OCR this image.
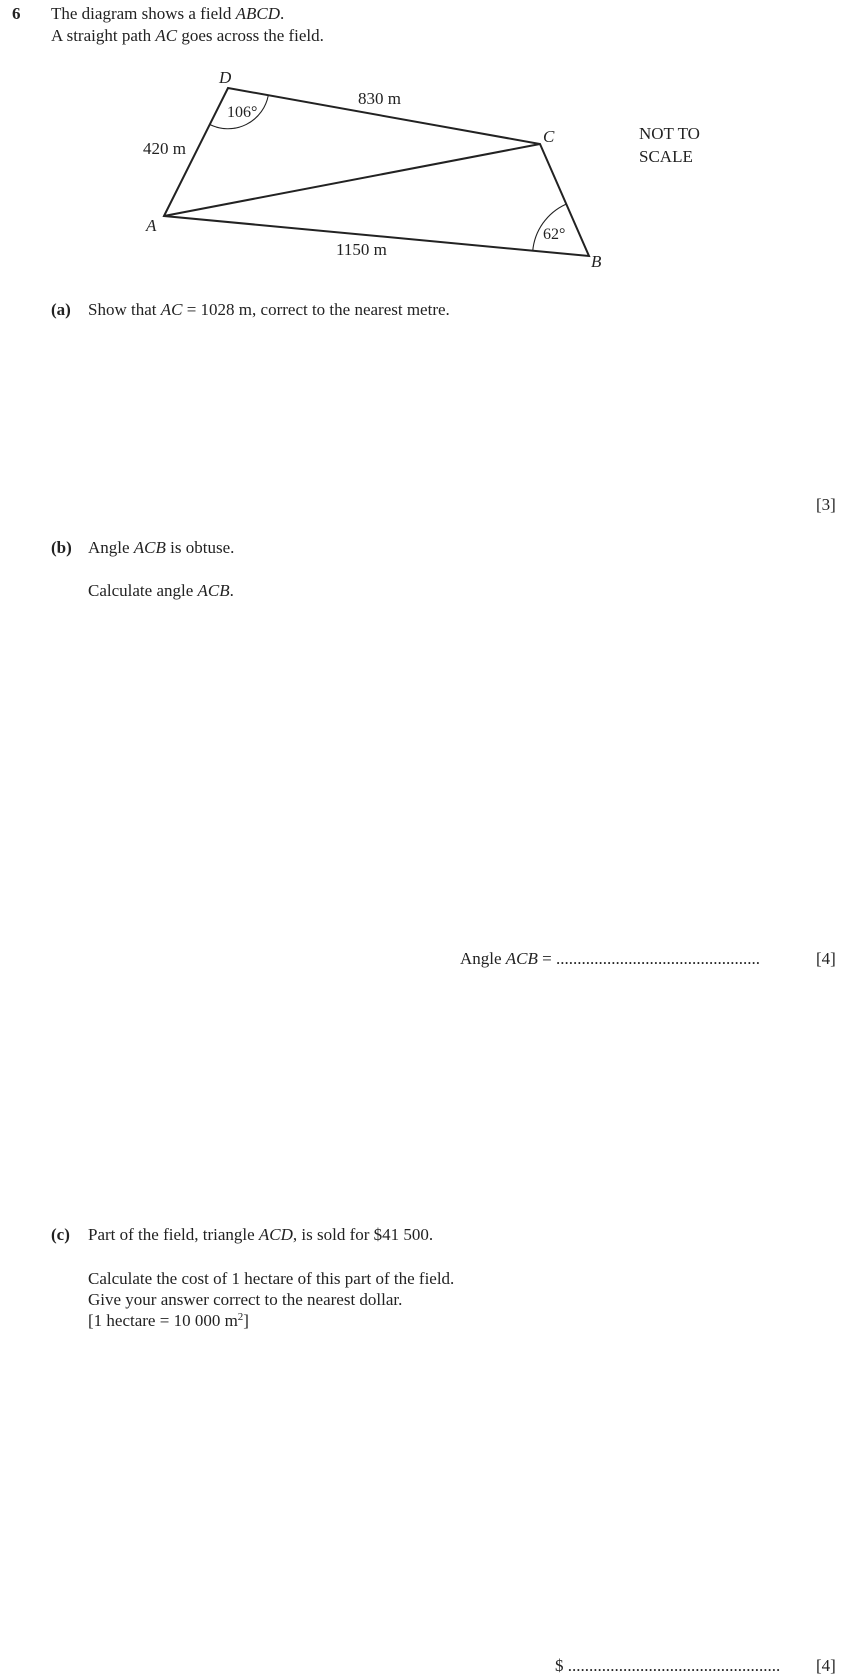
6 The diagram shows a field ABCD.
A straight path AC goes across the field.
D
C
A
B
830 m
420 m
1150 m
106°
62°
NOT TO
SCALE
(a) Show that AC = 1028 m, correct to the nearest metre.
[3]
(b) Angle ACB is obtuse.
Calculate angle ACB.
Angle ACB = ................................................	[4]
(c) Part of the field, triangle ACD, is sold for $41 500.
Calculate the cost of 1 hectare of this part of the field.
Give your answer correct to the nearest dollar.
[1 hectare = 10 000 $m^2$]
$ .................................................. [4]
